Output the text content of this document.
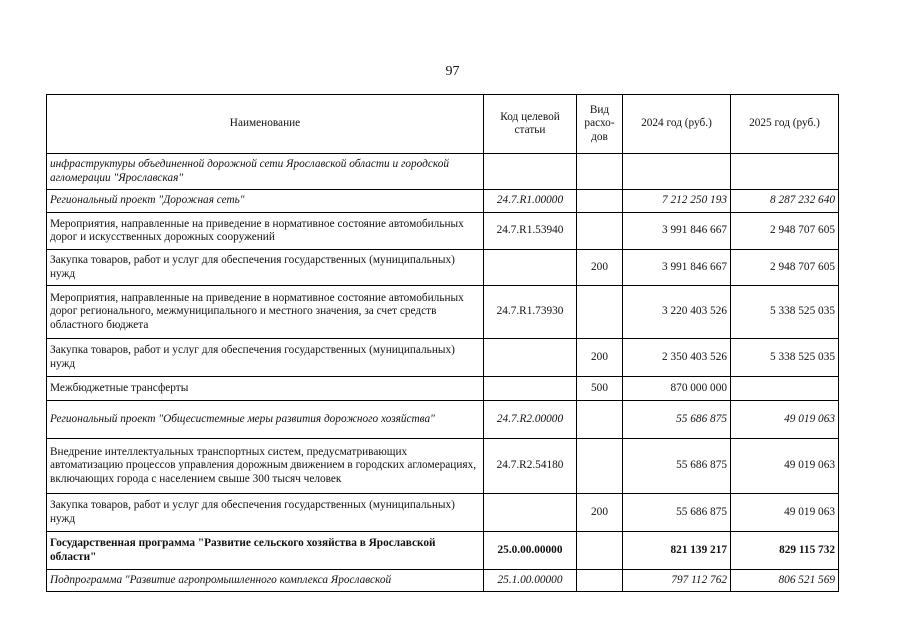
97
Наименование	Код целевой статьи	Вид расхо-дов	2024 год (руб.)	2025 год (руб.)
инфраструктуры объединенной дорожной сети Ярославской области и городской агломерации "Ярославская"				
Региональный проект "Дорожная сеть"	24.7.R1.00000		7 212 250 193	8 287 232 640
Мероприятия, направленные на приведение в нормативное состояние автомобильных дорог и искусственных дорожных сооружений	24.7.R1.53940		3 991 846 667	2 948 707 605
Закупка товаров, работ и услуг для обеспечения государственных (муниципальных) нужд		200	3 991 846 667	2 948 707 605
Мероприятия, направленные на приведение в нормативное состояние автомобильных дорог регионального, межмуниципального и местного значения, за счет средств областного бюджета	24.7.R1.73930		3 220 403 526	5 338 525 035
Закупка товаров, работ и услуг для обеспечения государственных (муниципальных) нужд		200	2 350 403 526	5 338 525 035
Межбюджетные трансферты		500	870 000 000	
Региональный проект "Общесистемные меры развития дорожного хозяйства"	24.7.R2.00000		55 686 875	49 019 063
Внедрение интеллектуальных транспортных систем, предусматривающих автоматизацию процессов управления дорожным движением в городских агломерациях, включающих города с населением свыше 300 тысяч человек	24.7.R2.54180		55 686 875	49 019 063
Закупка товаров, работ и услуг для обеспечения государственных (муниципальных) нужд		200	55 686 875	49 019 063
Государственная программа "Развитие сельского хозяйства в Ярославской области"	25.0.00.00000		821 139 217	829 115 732
Подпрограмма "Развитие агропромышленного комплекса Ярославской	25.1.00.00000		797 112 762	806 521 569
